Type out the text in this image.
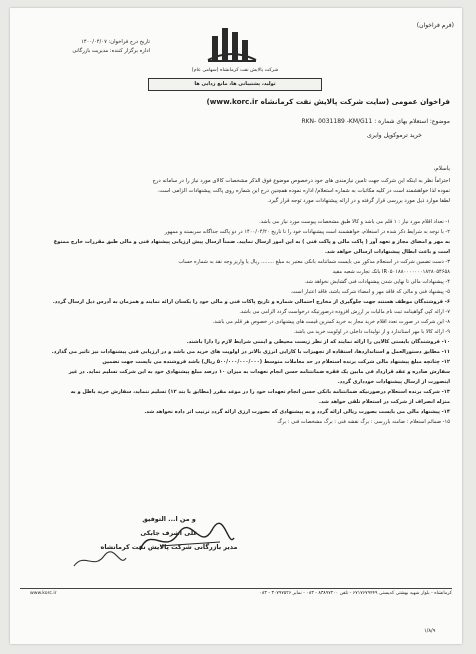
(فرم فراخوان)
تاریخ درج فراخوان: ۱۴۰۰/۰۴/۰۷
اداره برگزار کننده: مدیریت بازرگانی
شرکت پالایش نفت کرمانشاه (سهامی عام)
تولید، پشتیبانی ها، مانع زدایی ها
فراخوان عمومی (سایت شرکت پالایش نفت کرمانشاه www.korc.ir)
موضوع: استعلام بهای شماره : RKN- 0031189 -KM/G11
خرید ترموکوپل وایری
باسلام،
احتراماً نظر به اینکه این شرکت جهت تامین نیازمندی های خود درخصوص موضوع فوق الذکر مشخصات کالای مورد نیاز را در سامانه درج
نموده لذا خواهشمند است در کلیه مکاتبات به شماره استعلام/ اداره نموده همچنین درج این شماره روی پاکت پیشنهادات الزامی است.
لطفا موارد ذیل مورد بررسی قرار گرفته و در ارائه پیشنهادات مورد توجه قرار گیرد.

۱- تعداد اقلام مورد نیاز : ۱ قلم می باشد و کالا طبق مشخصات پیوست مورد نیاز می باشد.

۲- با توجه به شرایط ذکر شده در استعلام، خواهشمند است پیشنهادات خود را تا تاریخ ۱۴۰۰/۰۴/۲۰ در دو پاکت جداگانه سربسته و ممهور

به مهر و امضای مجاز و تعهد آور ( پاکت مالی و پاکت فنی ) به این امور ارسال نمایید. ضمناً ارسال پیش ارزیابی پیشنهاد فنی و مالی طبق مقررات خارج ممنوع

است و باعث ابطال پیشنهادات ارسالی خواهد شد.

۳- دست تضمین شرکت در استعلام مذکور می بایست شماتنامه بانکی معتبر به مبلغ ........ ریال یا واریز وجه نقد به شماره حساب

IR۰۵۰۱۸۸۰۰۰۰۰۰۰۱۸۲۸۰۵۴۶۵۸ بانک تجارت شعبه مفید

۴- پیشنهادات مالی تا نهایی شدن پیشنهادات فنی گشایش نخواهد شد.

۵- پیشنهاد فنی و مالی که فاقد مهر و امضاء شرکت باشد، فاقد اعتبار است.

۶- فروشندگان موظف هستند جهت جلوگیری از مخارج احتمالی شماره و تاریخ پاکات فنی و مالی خود را یکسان ارائه نمایند و همزمان به آدرس ذیل ارسال گردد.

۷- ارائه کپی گواهینامه ثبت نام مالیات بر ارزش افزوده درصورتیکه درخواست گردد الزامی می باشد.

۸- این شرکت در صورت تعدد اقلام خرید مجاز به خرید کمترین قیمت های پیشنهادی در خصوص هر قلم می باشد.

۹- ارائه کالا با مهر استاندارد و از تولیدات داخلی در اولویت خرید می باشد.

۱۰- فروشندگان بایستی کالایی را ارائه نمایند که از نظر زیست محیطی و ایمنی شرایط لازم را دارا باشند.

۱۱- مطابق دستورالعمل و استاندارد‌ها، استفاده از تجهیزات با کارایی انرژی بالاتر در اولویت های خرید می باشد و در ارزیابی فنی پیشنهادات نیز تاثیر می گذارد.

۱۲- چنانچه مبلغ پیشنهاد مالی شرکت برنده استعلام در حد معاملات متوسط (۵۰۰/۰۰۰/۰۰۰/۰۰۰ ریال) باشد فروشنده می بایست جهت تضمین

سفارش صادره و عقد قرارداد فی مابین یک فقره ضمانتنامه حسن انجام تعهدات به میزان ۱۰ درصد مبلغ پیشنهادی خود به این شرکت تسلیم نماید. در غیر

اینصورت از ارسال پیشنهادات خودداری گردد.

۱۳- شرکت برنده استعلام درصورتیکه ضمانتنامه بانکی حسن انجام تعهدات خود را در موعد مقرر (مطابق با بند ۱۲) تسلیم ننماید، سفارش خرید باطل و به

منزله انصراف از شرکت در استعلام تلقی خواهد شد.

۱۴- پیشنهاد مالی می بایست بصورت ریالی ارائه گردد و به پیشنهادی که بصورت ارزی ارائه گردد ترتیب اثر داده نخواهد شد.

۱۵- ضمائم استعلام : ضامنه بازرسی : برگ نقشه فنی : برگ مشخصات فنی : برگ

و من ا... التوفیق
علی اشرف جابکی
مدیر بازرگانی شرکت پالایش نفت کرمانشاه
www.korc.ir	کرمانشاه - بلوار شهید بهشتی کدپستی ۶۷۱۷۶۷۹۴۴۹ - تلفن ۸۳۸۹۷۲۰۰ - ۰۸۳ - نمابر ۳۰۷۹۷۵۲۶ - ۰۸۳
۱/۸/۹
